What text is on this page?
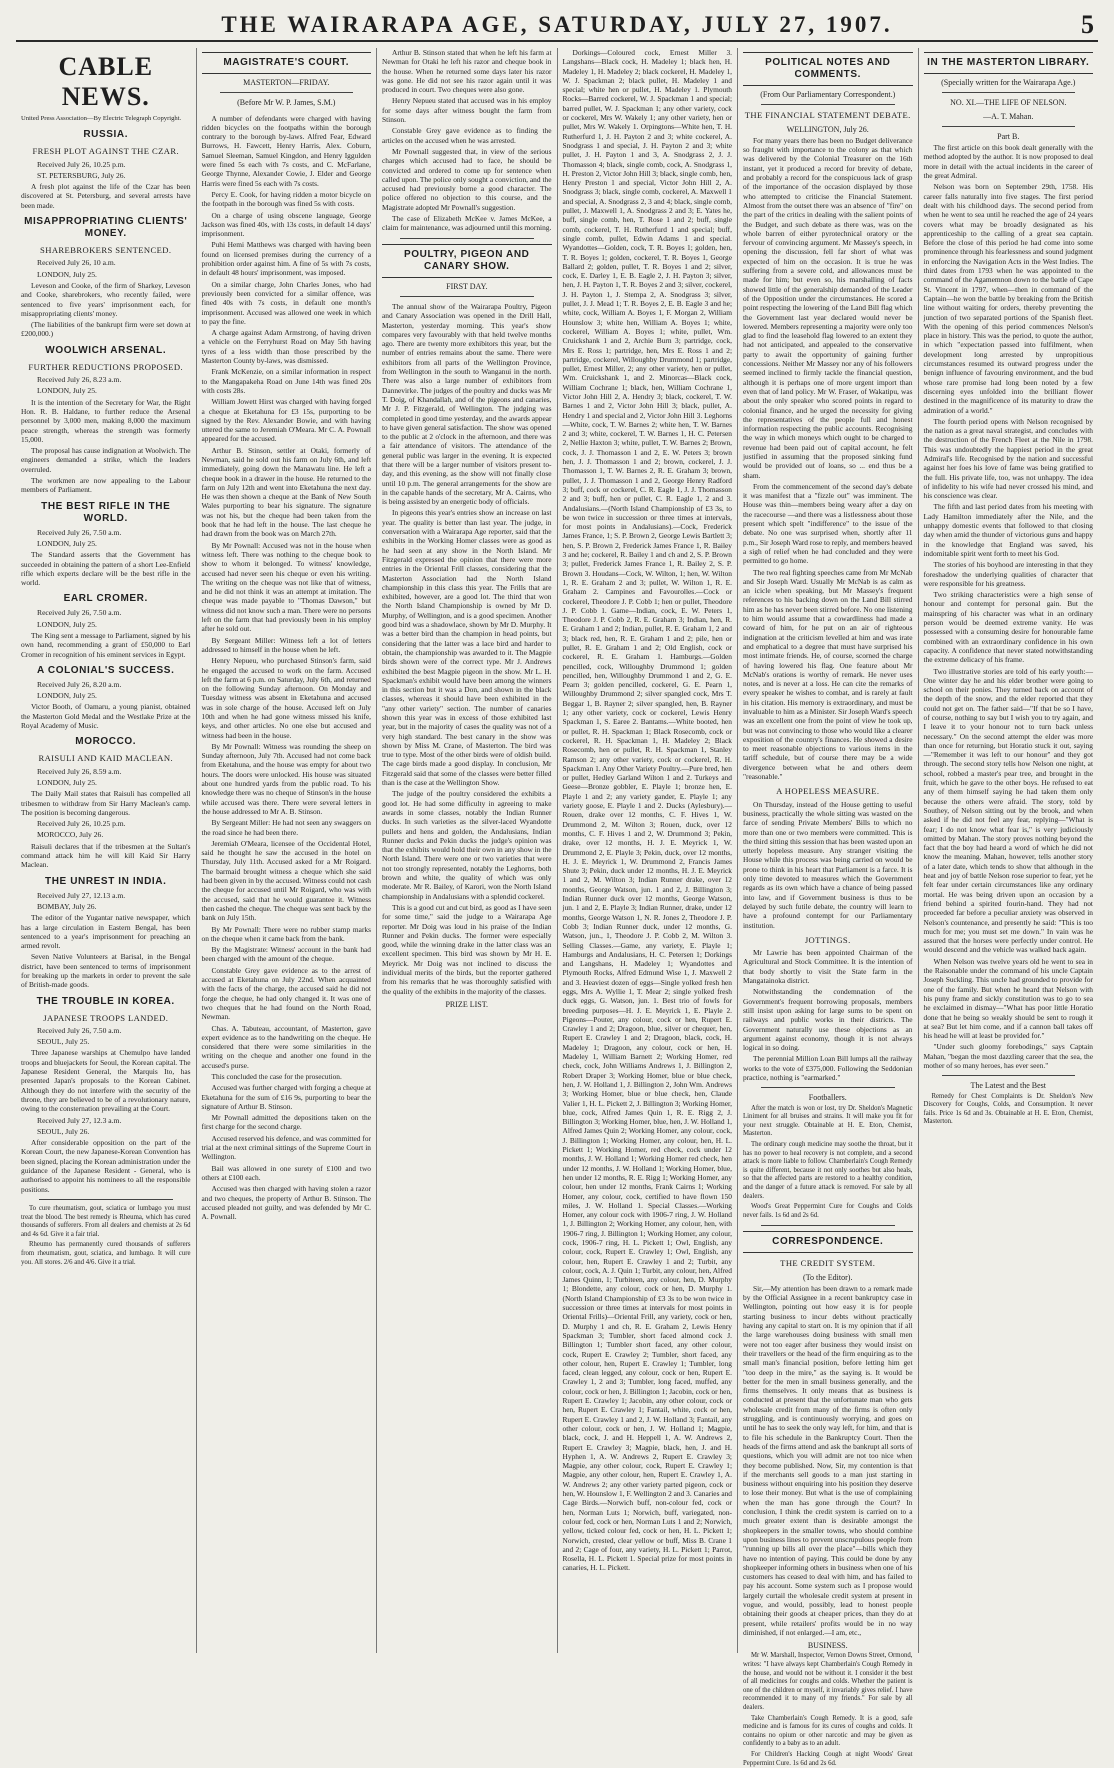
THE WAIRARAPA AGE, SATURDAY, JULY 27, 1907.	5
CABLE NEWS.
United Press Association—By Electric Telegraph Copyright.
RUSSIA.
FRESH PLOT AGAINST THE CZAR.
Received July 26, 10.25 p.m.
ST. PETERSBURG, July 26.

A fresh plot against the life of the Czar has been discovered at St. Petersburg, and several arrests have been made.

MISAPPROPRIATING CLIENTS' MONEY.
SHAREBROKERS SENTENCED.
Received July 26, 10 a.m.
LONDON, July 25.

Leveson and Cooke, of the firm of Sharkey, Leveson and Cooke, sharebrokers, who recently failed, were sentenced to five years' imprisonment each, for misappropriating clients' money.

(The liabilities of the bankrupt firm were set down at £200,000.)

WOOLWICH ARSENAL.
FURTHER REDUCTIONS PROPOSED.
Received July 26, 8.23 a.m.
LONDON, July 25.

It is the intention of the Secretary for War, the Right Hon. R. B. Haldane, to further reduce the Arsenal personnel by 3,000 men, making 8,000 the maximum peace strength, whereas the strength was formerly 15,000.

The proposal has cause indignation at Woolwich. The engineers demanded a strike, which the leaders overruled.

The workmen are now appealing to the Labour members of Parliament.

THE BEST RIFLE IN THE WORLD.
Received July 26, 7.50 a.m.
LONDON, July 25.

The Standard asserts that the Government has succeeded in obtaining the pattern of a short Lee-Enfield rifle which experts declare will be the best rifle in the world.

EARL CROMER.
Received July 26, 7.50 a.m.
LONDON, July 25.

The King sent a message to Parliament, signed by his own hand, recommending a grant of £50,000 to Earl Cromer in recognition of his eminent services in Egypt.

A COLONIAL'S SUCCESS.
Received July 26, 8.20 a.m.
LONDON, July 25.

Victor Booth, of Oamaru, a young pianist, obtained the Masterton Gold Medal and the Westlake Prize at the Royal Academy of Music.

MOROCCO.
RAISULI AND KAID MACLEAN.
Received July 26, 8.59 a.m.
LONDON, July 25.

The Daily Mail states that Raisuli has compelled all tribesmen to withdraw from Sir Harry Maclean's camp. The position is becoming dangerous.

Received July 26, 10.25 p.m.
MOROCCO, July 26.

Raisuli declares that if the tribesmen at the Sultan's command attack him he will kill Kaid Sir Harry Maclean.

THE UNREST IN INDIA.
Received July 27, 12.13 a.m.
BOMBAY, July 26.

The editor of the Yugantar native newspaper, which has a large circulation in Eastern Bengal, has been sentenced to a year's imprisonment for preaching an armed revolt.

Seven Native Volunteers at Barisal, in the Bengal district, have been sentenced to terms of imprisonment for breaking up the markets in order to prevent the sale of British-made goods.

THE TROUBLE IN KOREA.
JAPANESE TROOPS LANDED.
Received July 26, 7.50 a.m.
SEOUL, July 25.

Three Japanese warships at Chemulpo have landed troops and bluejackets for Seoul, the Korean capital. The Japanese Resident General, the Marquis Ito, has presented Japan's proposals to the Korean Cabinet. Although they do not interfere with the security of the throne, they are believed to be of a revolutionary nature, owing to the consternation prevailing at the Court.

Received July 27, 12.3 a.m.
SEOUL, July 26.

After considerable opposition on the part of the Korean Court, the new Japanese-Korean Convention has been signed, placing the Korean administration under the guidance of the Japanese Resident - General, who is authorised to appoint his nominees to all the responsible positions.

To cure rheumatism, gout, sciatica or lumbago you must treat the blood. The best remedy is Rheuma, which has cured thousands of sufferers. From all dealers and chemists at 2s 6d and 4s 6d. Give it a fair trial.

Rheumo has permanently cured thousands of sufferers from rheumatism, gout, sciatica, and lumbago. It will cure you. All stores. 2/6 and 4/6. Give it a trial.

MAGISTRATE'S COURT.
MASTERTON—FRIDAY.
(Before Mr W. P. James, S.M.)

A number of defendants were charged with having ridden bicycles on the footpaths within the borough contrary to the borough by-laws. Alfred Fear, Edward Burrows, H. Fawcett, Henry Harris, Alex. Coburn, Samuel Sleeman, Samuel Kingdon, and Henry Iggulden were fined 5s each with 7s costs, and C. McFarlane, George Thynne, Alexander Cowie, J. Elder and George Harris were fined 5s each with 7s costs.

Percy E. Cook, for having ridden a motor bicycle on the footpath in the borough was fined 5s with costs.

On a charge of using obscene language, George Jackson was fined 40s, with 13s costs, in default 14 days' imprisonment.

Puhi Hemi Matthews was charged with having been found on licensed premises during the currency of a prohibition order against him. A fine of 5s with 7s costs, in default 48 hours' imprisonment, was imposed.

On a similar charge, John Charles Jones, who had previously been convicted for a similar offence, was fined 40s with 7s costs, in default one month's imprisonment. Accused was allowed one week in which to pay the fine.

A charge against Adam Armstrong, of having driven a vehicle on the Ferryhurst Road on May 5th having tyres of a less width than those prescribed by the Masterton County by-laws, was dismissed.

Frank McKenzie, on a similar information in respect to the Mangapakeha Road on June 14th was fined 20s with costs 28s.

William Jowett Hirst was charged with having forged a cheque at Eketahuna for £3 15s, purporting to be signed by the Rev. Alexander Bowie, and with having uttered the same to Jeremiah O'Meara. Mr C. A. Pownall appeared for the accused.

Arthur B. Stinson, settler at Otaki, formerly of Newman, said he sold out his farm on July 6th, and left immediately, going down the Manawatu line. He left a cheque book in a drawer in the house. He returned to the farm on July 12th and went into Eketahuna the next day. He was then shown a cheque at the Bank of New South Wales purporting to bear his signature. The signature was not his, but the cheque had been taken from the book that he had left in the house. The last cheque he had drawn from the book was on March 27th.

By Mr Pownall: Accused was not in the house when witness left. There was nothing to the cheque book to show to whom it belonged. To witness' knowledge, accused had never seen his cheque or even his writing. The writing on the cheque was not like that of witness, and he did not think it was an attempt at imitation. The cheque was made payable to "Thomas Dawson," but witness did not know such a man. There were no persons left on the farm that had previously been in his employ after he sold out.

By Sergeant Miller: Witness left a lot of letters addressed to himself in the house when he left.

Henry Nepueu, who purchased Stinson's farm, said he engaged the accused to work on the farm. Accused left the farm at 6 p.m. on Saturday, July 6th, and returned on the following Sunday afternoon. On Monday and Tuesday witness was absent in Eketahuna and accused was in sole charge of the house. Accused left on July 10th and when he had gone witness missed his knife, keys, and other articles. No one else but accused and witness had been in the house.

By Mr Pownall: Witness was rounding the sheep on Sunday afternoon, July 7th. Accused had not come back from Eketahuna, and the house was empty for about two hours. The doors were unlocked. His house was situated about one hundred yards from the public road. To his knowledge there was no cheque of Stinson's in the house while accused was there. There were several letters in the house addressed to Mr A. B. Stinson.

By Sergeant Miller: He had not seen any swaggers on the road since he had been there.

Jeremiah O'Meara, licensee of the Occidental Hotel, said he thought he saw the accused in the hotel on Thursday, July 11th. Accused asked for a Mr Roigard. The barmaid brought witness a cheque which she said had been given in by the accused. Witness could not cash the cheque for accused until Mr Roigard, who was with the accused, said that he would guarantee it. Witness then cashed the cheque. The cheque was sent back by the bank on July 15th.

By Mr Pownall: There were no rubber stamp marks on the cheque when it came back from the bank.

By the Magistrate: Witness' account in the bank had been charged with the amount of the cheque.

Constable Grey gave evidence as to the arrest of accused at Eketahuna on July 22nd. When acquainted with the facts of the charge, the accused said he did not forge the cheque, he had only changed it. It was one of two cheques that he had found on the North Road, Newman.

Chas. A. Tabuteau, accountant, of Masterton, gave expert evidence as to the handwriting on the cheque. He considered that there were some similarities in the writing on the cheque and another one found in the accused's purse.

This concluded the case for the prosecution.

Accused was further charged with forging a cheque at Eketahuna for the sum of £16 9s, purporting to bear the signature of Arthur B. Stinson.

Mr Pownall admitted the depositions taken on the first charge for the second charge.

Accused reserved his defence, and was committed for trial at the next criminal sittings of the Supreme Court in Wellington.

Bail was allowed in one surety of £100 and two others at £100 each.

Accused was then charged with having stolen a razor and two cheques, the property of Arthur B. Stinson. The accused pleaded not guilty, and was defended by Mr C. A. Pownall.

Arthur B. Stinson stated that when he left his farm at Newman for Otaki he left his razor and cheque book in the house. When he returned some days later his razor was gone. He did not see his razor again until it was produced in court. Two cheques were also gone.

Henry Nepueu stated that accused was in his employ for some days after witness bought the farm from Stinson.

Constable Grey gave evidence as to finding the articles on the accused when he was arrested.

Mr Pownall suggested that, in view of the serious charges which accused had to face, he should be convicted and ordered to come up for sentence when called upon. The police only sought a conviction, and the accused had previously borne a good character. The police offered no objection to this course, and the Magistrate adopted Mr Pownall's suggestion.

The case of Elizabeth McKee v. James McKee, a claim for maintenance, was adjourned until this morning.

POULTRY, PIGEON AND CANARY SHOW.
FIRST DAY.

The annual show of the Wairarapa Poultry, Pigeon and Canary Association was opened in the Drill Hall, Masterton, yesterday morning. This year's show compares very favourably with that held twelve months ago. There are twenty more exhibitors this year, but the number of entries remains about the same. There were exhibitors from all parts of the Wellington Province, from Wellington in the south to Wanganui in the north. There was also a large number of exhibitors from Dannevirke. The judges of the poultry and ducks was Mr T. Doig, of Khandallah, and of the pigeons and canaries, Mr J. P. Fitzgerald, of Wellington. The judging was completed in good time yesterday, and the awards appear to have given general satisfaction. The show was opened to the public at 2 o'clock in the afternoon, and there was a fair attendance of visitors. The attendance of the general public was larger in the evening. It is expected that there will be a larger number of visitors present to-day, and this evening, as the show will not finally close until 10 p.m. The general arrangements for the show are in the capable hands of the secretary, Mr A. Cairns, who is being assisted by an energetic body of officials.

In pigeons this year's entries show an increase on last year. The quality is better than last year. The judge, in conversation with a Wairarapa Age reporter, said that the exhibits in the Working Homer classes were as good as he had seen at any show in the North Island. Mr Fitzgerald expressed the opinion that there were more entries in the Oriental Frill classes, considering that the Masterton Association had the North Island championship in this class this year. The Frills that are exhibited, however, are a good lot. The third that won the North Island Championship is owned by Mr D. Murphy, of Wellington, and is a good specimen. Another good bird was a shadowlace, shown by Mr D. Murphy. It was a better bird than the champion in head points, but considering that the latter was a lace bird and harder to obtain, the championship was awarded to it. The Magpie birds shown were of the correct type. Mr J. Andrews exhibited the best Magpie pigeon in the show. Mr L. H. Spackman's exhibit would have been among the winners in this section but it was a Don, and shown in the black classes, whereas it should have been exhibited in the "any other variety" section. The number of canaries shown this year was in excess of those exhibited last year, but in the majority of cases the quality was not of a very high standard. The best canary in the show was shown by Miss M. Crane, of Masterton. The bird was true to type. Most of the other birds were of oldish build. The cage birds made a good display. In conclusion, Mr Fitzgerald said that some of the classes were better filled than is the case at the Wellington Show.

The judge of the poultry considered the exhibits a good lot. He had some difficulty in agreeing to make awards in some classes, notably the Indian Runner ducks. In such varieties as the silver-laced Wyandotte pullets and hens and golden, the Andalusians, Indian Runner ducks and Pekin ducks the judge's opinion was that the exhibits would hold their own in any show in the North Island. There were one or two varieties that were not too strongly represented, notably the Leghorns, both brown and white, the quality of which was only moderate. Mr R. Bailey, of Karori, won the North Island championship in Andalusians with a splendid cockerel.

This is a good cut and cut bird, as good as I have seen for some time," said the judge to a Wairarapa Age reporter. Mr Doig was loud in his praise of the Indian Runner and Pekin ducks. The former were especially good, while the winning drake in the latter class was an excellent specimen. This bird was shown by Mr H. E. Meyrick. Mr Doig was not inclined to discuss the individual merits of the birds, but the reporter gathered from his remarks that he was thoroughly satisfied with the quality of the exhibits in the majority of the classes.

PRIZE LIST.

Dorkings—Coloured cock, Ernest Miller 3. Langshans—Black cock, H. Madeley 1; black hen, H. Madeley 1, H. Madeley 2; black cockerel, H. Madeley 1, W. J. Spackman 2; black pullet, H. Madeley 1 and special; white hen or pullet, H. Madeley 1. Plymouth Rocks—Barred cockerel, W. J. Spackman 1 and special; barred pullet, W. J. Spackman 1; any other variety, cock or cockerel, Mrs W. Wakely 1; any other variety, hen or pullet, Mrs W. Wakely 1. Orpingtons—White hen, T. H. Rutherfurd 1, J. H. Payton 2 and 3; white cockerel, A. Snodgrass 1 and special, J. H. Payton 2 and 3; white pullet, J. H. Payton 1 and 3, A. Snodgrass 2, J. J. Thomasson 4; black, single comb, cock, A. Snodgrass 1, H. Preston 2, Victor John Hill 3; black, single comb, hen, Henry Preston 1 and special, Victor John Hill 2, A. Snodgrass 3; black, single comb, cockerel, A. Maxwell 1 and special, A. Snodgrass 2, 3 and 4; black, single comb, pullet, J. Maxwell 1, A. Snodgrass 2 and 3; E. Yates he, buff, single comb, hen, T. Rose 1 and 2; buff, single comb, cockerel, T. H. Rutherfurd 1 and special; buff, single comb, pullet, Edwin Adams 1 and special. Wyandottes—Golden, cock, T. R. Boyes 1; golden, hen, T. R. Boyes 1; golden, cockerel, T. R. Boyes 1, George Ballard 2; golden, pullet, T. R. Boyes 1 and 2; silver, cock, E. Darley 1, E. B. Eagle 2, J. H. Payton 3; silver, hen, J. H. Payton 1, T. R. Boyes 2 and 3; silver, cockerel, J. H. Payton 1, J. Stempa 2, A. Snodgrass 3; silver, pullet, J. J. Mead 1; T. R. Boyes 2, E. B. Eagle 3 and he; white, cock, William A. Boyes 1, F. Morgan 2, William Hounslow 3; white hen, William A. Boyes 1; white, cockerel, William A. Boyes 1; white, pullet, Wm. Cruickshank 1 and 2, Archie Burn 3; partridge, cock, Mrs E. Ross 1; partridge, hen, Mrs E. Ross 1 and 2; partridge, cockerel, Willoughby Drummond 1; partridge, pullet, Ernest Miller, 2; any other variety, hen or pullet, Wm. Cruickshank 1, and 2. Minorcas—Black cock, William Cochrane 1; black, hen, William Cochrane 1, Victor John Hill 2, A. Hendry 3; black, cockerel, T. W. Barnes 1 and 2, Victor John Hill 3; black, pullet, A. Hendry 1 and special and 2, Victor John Hill 3. Leghorns—White, cock, T. W. Barnes 2; white hen, T. W. Barnes 2 and 3; white, cockerel, T. W. Barnes 1, H. C. Petersen 2, Nellie Haxton 3; white, pullet, T. W. Barnes 2; Brown, cock, J. J. Thomasson 1 and 2, E. W. Peters 3; brown hen, J. J. Thomasson 1 and 2; brown, cockerel, J. J. Thomasson 1, T. W. Barnes 2, R. E. Graham 3; brown, pullet, J. J. Thomasson 1 and 2, George Henry Radford 3; buff, cock or cockerel, C. R. Eagle 1, J. J. Thomasson 2 and 3; buff, hen or pullet, C. R. Eagle 1, 2 and 3. Andalusians.—(North Island Championship of £3 3s, to be won twice in succession or three times at intervals, for most points in Andalusians).—Cock, Frederick James France, 1; S. P. Brown 2, George Lewis Bartlett 3; hen, S. P. Brown 2, Frederick James France 1, R. Bailey 3 and he; cockerel, R. Bailey 1 and ch and 2, S. P. Brown 3; pullet, Frederick James France 1, R. Bailey 2, S. P. Brown 3. Houdans—Cock, W. Wilton, 1; hen, W. Wilton 1, R. E. Graham 2 and 3; pullet, W. Wilton 1, R. E. Graham 2. Campines and Favourolles.—Cock or cockerel, Theodore J. P. Cobb 1; hen or pullet, Theodore J. P. Cobb 1. Game—Indian, cock, E. W. Peters 1, Theodore J. P. Cobb 2, R. E. Graham 3; Indian, hen, R. E. Graham 1 and 2; Indian, pullet, R. E. Graham 1, 2 and 3; black red, hen, R. E. Graham 1 and 2; pile, hen or pullet, R. E. Graham 1 and 2; Old English, cock or cockerel, R. E. Graham 1. Hamburgs.—Golden pencilled, cock, Willoughby Drummond 1; golden pencilled, hen, Willoughby Drummond 1 and 2, G. E. Pearn 3; golden pencilled, cockerel, G. E. Pearn 1, Willoughby Drummond 2; silver spangled cock, Mrs T. Beggar 1, B. Rayner 2; silver spangled, hen, B. Rayner 1; any other variety, cock or cockerel, Lewis Henry Spackman 1, S. Earee 2. Bantams.—White booted, hen or pullet, R. H. Spackman 1; Black Rosecomb, cock or cockerel, R. H. Spackman 1, H. Madeley 2; Black Rosecomb, hen or pullet, R. H. Spackman 1, Stanley Ramson 2; any other variety, cock or cockerel, R. H. Spackman 1. Any Other Variety Poultry.—Pure bred, hen or pullet, Hedley Garland Wilton 1 and 2. Turkeys and Geese—Bronze gobbler, E. Playle 1; bronze hen, E. Playle 1 and 2; any variety gander, E. Playle 1; any variety goose, E. Playle 1 and 2. Ducks (Aylesbury).—Rouen, drake over 12 months, C. F. Hives 1, W. Drummond 2, M. Wilton 3; Rouen, duck, over 12 months, C. F. Hives 1 and 2, W. Drummond 3; Pekin, drake, over 12 months, H. J. E. Meyrick 1, W. Drummond 2, E. Playle 3; Pekin, duck, over 12 months, H. J. E. Meyrick 1, W. Drummond 2, Francis James Shute 3; Pekin, duck under 12 months, H. J. E. Meyrick 1 and 2, M. Wilton 3; Indian Runner drake, over 12 months, George Watson, jun. 1 and 2, J. Billington 3; Indian Runner duck over 12 months, George Watson, jun. 1 and 2, E. Playle 3; Indian Runner, drake, under 12 months, George Watson 1, N. R. Jones 2, Theodore J. P. Cobb 3; Indian Runner duck, under 12 months, G. Watson, jun., 1, Theodore J. P. Cobb 2, M. Wilton 3. Selling Classes.—Game, any variety, E. Playle 1; Hamburgs and Andalusians, H. C. Petersen 1; Dorkings and Langshans, H. Madeley 1; Wyandottes and Plymouth Rocks, Alfred Edmund Wise 1, J. Maxwell 2 and 3. Heaviest dozen of eggs—Single yolked fresh hen eggs, Mrs A. Wyllie 1, T. Mear 2; single yolked fresh duck eggs, G. Watson, jun. 1. Best trio of fowls for breeding purposes—H. J. E. Meyrick 1, E. Playle 2. Pigeons—Pouter, any colour, cock or hen, Rupert E. Crawley 1 and 2; Dragoon, blue, silver or chequer, hen, Rupert E. Crawley 1 and 2; Dragoon, black, cock, H. Madeley 1; Dragoon, any colour, cock or hen, H. Madeley 1, William Barnett 2; Working Homer, red check, cock, John Williams Andrews 1, J. Billington 2, Robert Draper 3; Working Homer, blue or blue check, hen, J. W. Holland 1, J. Billington 2, John Wm. Andrews 3; Working Homer, blue or blue check, hen, Claude Valier 1, H. L. Pickett 2, J. Billington 3; Working Homer, blue, cock, Alfred James Quin 1, R. E. Rigg 2, J. Billington 3; Working Homer, blue, hen, J. W. Holland 1, Alfred James Quin 2; Working Homer, any colour, cock, J. Billington 1; Working Homer, any colour, hen, H. L. Pickett 1; Working Homer, red check, cock under 12 months, J. W. Holland 1; Working Homer red check, hen under 12 months, J. W. Holland 1; Working Homer, blue, hen under 12 months, R. E. Rigg 1; Working Homer, any colour, hen under 12 months, Frank Cairns 1; Working Homer, any colour, cock, certified to have flown 150 miles, J. W. Holland 1. Special Classes.—Working Homer, any colour cock with 1906-7 ring, J. W. Holland 1, J. Billington 2; Working Homer, any colour, hen, with 1906-7 ring, J. Billington 1; Working Homer, any colour, cock, 1906-7 ring, H. L. Pickett 1; Owl, English, any colour, cock, Rupert E. Crawley 1; Owl, English, any colour, hen, Rupert E. Crawley 1 and 2; Turbit, any colour, cock, A. J. Quin 1; Turbit, any colour, hen, Alfred James Quinn, 1; Turbiteen, any colour, hen, D. Murphy 1; Blondette, any colour, cock or hen, D. Murphy 1. (North Island Championship of £3 3s to be won twice in succession or three times at intervals for most points in Oriental Frills)—Oriental Frill, any variety, cock or hen, D. Murphy 1 and ch, R. E. Graham 2, Lewis Henry Spackman 3; Tumbler, short faced almond cock J. Billington 1; Tumbler short faced, any other colour, cock, Rupert E. Crawley 2; Tumbler, short faced, any other colour, hen, Rupert E. Crawley 1; Tumbler, long faced, clean legged, any colour, cock or hen, Rupert E. Crawley 1, 2 and 3; Tumbler, long faced, muffed, any colour, cock or hen, J. Billington 1; Jacobin, cock or hen, Rupert E. Crawley 1; Jacobin, any other colour, cock or hen, Rupert E. Crawley 1; Fantail, white, cock or hen, Rupert E. Crawley 1 and 2, J. W. Holland 3; Fantail, any other colour, cock or hen, J. W. Holland 1; Magpie, black, cock, J. and H. Heppell 1, A. W. Andrews 2, Rupert E. Crawley 3; Magpie, black, hen, J. and H. Hyphen 1, A. W. Andrews 2, Rupert E. Crawley 3; Magpie, any other colour, cock, Rupert E. Crawley 1; Magpie, any other colour, hen, Rupert E. Crawley 1, A. W. Andrews 2; any other variety parted pigeon, cock or hen, W. Hounslow 1, F. Wellington 2 and 3. Canaries and Cage Birds.—Norwich buff, non-colour fed, cock or hen, Norman Luts 1; Norwich, buff, variegated, non-colour fed, cock or hen, Norman Luts 1 and 2; Norwich, yellow, ticked colour fed, cock or hen, H. L. Pickett 1; Norwich, crested, clear yellow or buff, Miss B. Crane 1 and 2; Cage of four, any variety, H. L. Pickett 1; Parrot, Rosella, H. L. Pickett 1. Special prize for most points in canaries, H. L. Pickett.

POLITICAL NOTES AND COMMENTS.
(From Our Parliamentary Correspondent.)
THE FINANCIAL STATEMENT DEBATE.
WELLINGTON, July 26.

For many years there has been no Budget deliverance so fraught with importance to the colony as that which was delivered by the Colonial Treasurer on the 16th instant, yet it produced a record for brevity of debate, and probably a record for the conspicuous lack of grasp of the importance of the occasion displayed by those who attempted to criticise the Financial Statement. Almost from the outset there was an absence of "fire" on the part of the critics in dealing with the salient points of the Budget, and such debate as there was, was on the whole barren of either pyrotechnical oratory or the fervour of convincing argument. Mr Massey's speech, in opening the discussion, fell far short of what was expected of him on the occasion. It is true he was suffering from a severe cold, and allowances must be made for him; but even so, his marshalling of facts showed little of the generalship demanded of the Leader of the Opposition under the circumstances. He scored a point respecting the lowering of the Land Bill flag which the Government last year declared would never be lowered. Members representing a majority were only too glad to find the leasehold flag lowered to an extent they had not anticipated, and appealed to the conservative party to await the opportunity of gaining further concessions. Neither Mr Massey nor any of his followers seemed inclined to firmly tackle the financial question, although it is perhaps one of more urgent import than even that of land policy. Mr W. Fraser, of Wakatipu, was about the only speaker who scored points in regard to colonial finance, and he urged the necessity for giving the representatives of the people full and honest information respecting the public accounts. Recognising the way in which moneys which ought to be charged to revenue had been paid out of capital account, he felt justified in assuming that the proposed sinking fund would be provided out of loans, so ... end thus be a sham.

From the commencement of the second day's debate it was manifest that a "fizzle out" was imminent. The House was thin—members being weary after a day on the racecourse —and there was a listlessness about those present which spelt "indifference" to the issue of the debate. No one was surprised when, shortly after 11 p.m., Sir Joseph Ward rose to reply, and members heaved a sigh of relief when he had concluded and they were permitted to go home.

The two real fighting speeches came from Mr McNab and Sir Joseph Ward. Usually Mr McNab is as calm as an icicle when speaking, but Mr Massey's frequent references to his backing down on the Land Bill stirred him as he has never been stirred before. No one listening to him would assume that a cowardliness had made a coward of him, for he put on an air of righteous indignation at the criticism levelled at him and was irate and emphatical to a degree that must have surprised his most intimate friends. He, of course, scorned the charge of having lowered his flag. One feature about Mr McNab's orations is worthy of remark. He never uses notes, and is never at a loss. He can cite the remarks of every speaker he wishes to combat, and is rarely at fault in his citation. His memory is extraordinary, and must be invaluable to him as a Minister. Sir Joseph Ward's speech was an excellent one from the point of view he took up, but was not convincing to those who would like a clearer exposition of the country's finances. He showed a desire to meet reasonable objections to various items in the tariff schedule, but of course there may be a wide divergence between what he and others deem "reasonable."

A HOPELESS MEASURE.

On Thursday, instead of the House getting to useful business, practically the whole sitting was wasted on the farce of sending Private Members' Bills to which no more than one or two members were committed. This is the third sitting this session that has been wasted upon an utterly hopeless measure. Any stranger visiting the House while this process was being carried on would be prone to think in his heart that Parliament is a farce. It is only time devoted to measures which the Government regards as its own which have a chance of being passed into law, and if Government business is thus to be delayed by such futile debate, the country will learn to have a profound contempt for our Parliamentary institution.

JOTTINGS.

Mr Lawrie has been appointed Chairman of the Agricultural and Stock Committee. It is the intention of that body shortly to visit the State farm in the Mangatainoka district.

Notwithstanding the condemnation of the Government's frequent borrowing proposals, members still insist upon asking for large sums to be spent on railways and public works in their districts. The Government naturally use these objections as an argument against economy, though it is not always logical in so doing.

The perennial Million Loan Bill lumps all the railway works to the vote of £375,000. Following the Seddonian practice, nothing is "earmarked."

Footballers.

After the match is won or lost, try Dr. Sheldon's Magnetic Liniment for all bruises and strains. It will make you fit for your next struggle. Obtainable at H. E. Eton, Chemist, Masterton.

The ordinary cough medicine may soothe the throat, but it has no power to heal recovery is not complete, and a second attack is more liable to follow. Chamberlain's Cough Remedy is quite different, because it not only soothes but also heals, so that the affected parts are restored to a healthy condition, and the danger of a future attack is removed. For sale by all dealers.

Wood's Great Peppermint Cure for Coughs and Colds never fails. 1s 6d and 2s 6d.

CORRESPONDENCE.
THE CREDIT SYSTEM.
(To the Editor).

Sir,—My attention has been drawn to a remark made by the Official Assignee in a recent bankruptcy case in Wellington, pointing out how easy it is for people starting business to incur debts without practically having any capital to start on. It is my opinion that if all the large warehouses doing business with small men were not too eager after business they would insist on their travellers or the head of the firm enquiring as to the small man's financial position, before letting him get "too deep in the mire," as the saying is. It would be better for the men in small business generally, and the firms themselves. It only means that as business is conducted at present that the unfortunate man who gets wholesale credit from many of the firms is often only struggling, and is continuously worrying, and goes on until he has to seek the only way left, for him, and that is to file his schedule in the Bankruptcy Court. Then the heads of the firms attend and ask the bankrupt all sorts of questions, which you will admit are not too nice when they become published. Now, Sir, my contention is that if the merchants sell goods to a man just starting in business without enquiring into his position they deserve to lose their money. But what is the use of complaining when the man has gone through the Court? In conclusion, I think the credit system is carried on to a much greater extent than is desirable amongst the shopkeepers in the smaller towns, who should combine upon business lines to prevent unscrupulous people from "running up bills all over the place"—bills which they have no intention of paying. This could be done by any shopkeeper informing others in business when one of his customers has ceased to deal with him, and has failed to pay his account. Some system such as I propose would largely curtail the wholesale credit system at present in vogue, and would, possibly, lead to honest people obtaining their goods at cheaper prices, than they do at present, while retailers' profits would be in no way diminished, if not enlarged.—I am, etc.,

BUSINESS.

Mr W. Marshall, Inspector, Vernon Downs Street, Ormond, writes: "I have always kept Chamberlain's Cough Remedy in the house, and would not be without it. I consider it the best of all medicines for coughs and colds. Whether the patient is one of the children or myself, it invariably gives relief. I have recommended it to many of my friends." For sale by all dealers.

Take Chamberlain's Cough Remedy. It is a good, safe medicine and is famous for its cures of coughs and colds. It contains no opium or other narcotic and may be given as confidently to a baby as to an adult.

For Children's Hacking Cough at night Woods' Great Peppermint Cure. 1s 6d and 2s 6d.

IN THE MASTERTON LIBRARY.
(Specially written for the Wairarapa Age.)
NO. XI.—THE LIFE OF NELSON.
—A. T. Mahan.
Part B.

The first article on this book dealt generally with the method adopted by the author. It is now proposed to deal more in detail with the actual incidents in the career of the great Admiral.

Nelson was born on September 29th, 1758. His career falls naturally into five stages. The first period dealt with his childhood days. The second period from when he went to sea until he reached the age of 24 years covers what may be broadly designated as his apprenticeship to the calling of a great sea captain. Before the close of this period he had come into some prominence through his fearlessness and sound judgment in enforcing the Navigation Acts in the West Indies. The third dates from 1793 when he was appointed to the command of the Agamemnon down to the battle of Cape St. Vincent in 1797, when—then in command of the Captain—he won the battle by breaking from the British line without waiting for orders, thereby preventing the junction of two separated portions of the Spanish fleet. With the opening of this period commences Nelson's place in history. This was the period, to quote the author, in which "expectation passed into fulfilment, when development long arrested by unpropitious circumstances resumed its outward progress under the benign influence of favouring environment, and the bud whose rare promise had long been noted by a few discerning eyes unfolded into the brilliant flower destined in the magnificence of its maturity to draw the admiration of a world."

The fourth period opens with Nelson recognised by the nation as a great naval strategist, and concludes with the destruction of the French Fleet at the Nile in 1798. This was undoubtedly the happiest period in the great Admiral's life. Recognised by the nation and successful against her foes his love of fame was being gratified to the full. His private life, too, was not unhappy. The idea of infidelity to his wife had never crossed his mind, and his conscience was clear.

The fifth and last period dates from his meeting with Lady Hamilton immediately after the Nile, and the unhappy domestic events that followed to that closing day when amid the thunder of victorious guns and happy in the knowledge that England was saved, his indomitable spirit went forth to meet his God.

The stories of his boyhood are interesting in that they foreshadow the underlying qualities of character that were responsible for his greatness.

Two striking characteristics were a high sense of honour and contempt for personal gain. But the mainspring of his character was what in an ordinary person would be deemed extreme vanity. He was possessed with a consuming desire for honourable fame combined with an extraordinary confidence in his own capacity. A confidence that never stated notwithstanding the extreme delicacy of his frame.

Two illustrative stories are told of his early youth:—One winter day he and his elder brother were going to school on their ponies. They turned back on account of the depth of the snow, and the elder reported that they could not get on. The father said—"If that be so I have, of course, nothing to say but I wish you to try again, and I leave it to your honour not to turn back unless necessary." On the second attempt the elder was more than once for returning, but Horatio stuck it out, saying—"Remember it was left to our honour" and they got through. The second story tells how Nelson one night, at school, robbed a master's pear tree, and brought in the fruit, which he gave to the other boys. He refused to eat any of them himself saying he had taken them only because the others were afraid. The story, told by Southey, of Nelson sitting out by the brook, and when asked if he did not feel any fear, replying—"What is fear; I do not know what fear is," is very judiciously omitted by Mahan. The story proves nothing beyond the fact that the boy had heard a word of which he did not know the meaning. Mahan, however, tells another story of a later date, which tends to show that although in the heat and joy of battle Nelson rose superior to fear, yet he felt fear under certain circumstances like any ordinary mortal. He was being driven upon an occasion by a friend behind a spirited fourin-hand. They had not proceeded far before a peculiar anxiety was observed in Nelson's countenance, and presently he said: "This is too much for me; you must set me down." In vain was he assured that the horses were perfectly under control. He would descend and the vehicle was walked back again.

When Nelson was twelve years old he went to sea in the Raisonable under the command of his uncle Captain Joseph Suckling. This uncle had grounded to provide for one of the family. But when he heard that Nelson with his puny frame and sickly constitution was to go to sea he exclaimed in dismay—"What has poor little Horatio done that he being so weakly should be sent to rough it at sea? But let him come, and if a cannon ball takes off his head he will at least be provided for."

"Under such gloomy forebodings," says Captain Mahan, "began the most dazzling career that the sea, the mother of so many heroes, has ever seen."

The Latest and the Best

Remedy for Chest Complaints is Dr. Sheldon's New Discovery for Coughs, Colds, and Consumption. It never fails. Price 1s 6d and 3s. Obtainable at H. E. Eton, Chemist, Masterton.
